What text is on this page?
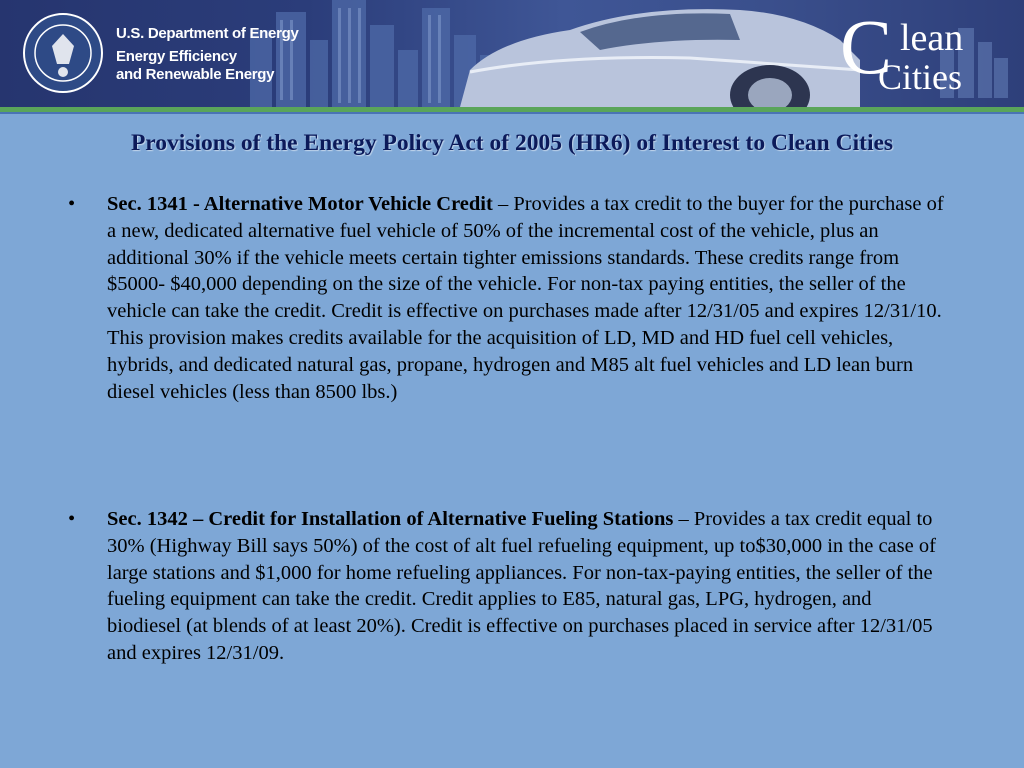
U.S. Department of Energy
Energy Efficiency
and Renewable Energy	C lean
Cities
Provisions of the Energy Policy Act of 2005 (HR6) of Interest to Clean Cities
• Sec. 1341 - Alternative Motor Vehicle Credit – Provides a tax credit to the buyer for the purchase of a new, dedicated alternative fuel vehicle of 50% of the incremental cost of the vehicle, plus an additional 30% if the vehicle meets certain tighter emissions standards. These credits range from $5000- $40,000 depending on the size of the vehicle. For non-tax paying entities, the seller of the vehicle can take the credit. Credit is effective on purchases made after 12/31/05 and expires 12/31/10. This provision makes credits available for the acquisition of LD, MD and HD fuel cell vehicles, hybrids, and dedicated natural gas, propane, hydrogen and M85 alt fuel vehicles and LD lean burn diesel vehicles (less than 8500 lbs.)
• Sec. 1342 – Credit for Installation of Alternative Fueling Stations – Provides a tax credit equal to 30% (Highway Bill says 50%) of the cost of alt fuel refueling equipment, up to$30,000 in the case of large stations and $1,000 for home refueling appliances. For non-tax-paying entities, the seller of the fueling equipment can take the credit. Credit applies to E85, natural gas, LPG, hydrogen, and biodiesel (at blends of at least 20%). Credit is effective on purchases placed in service after 12/31/05 and expires 12/31/09.
